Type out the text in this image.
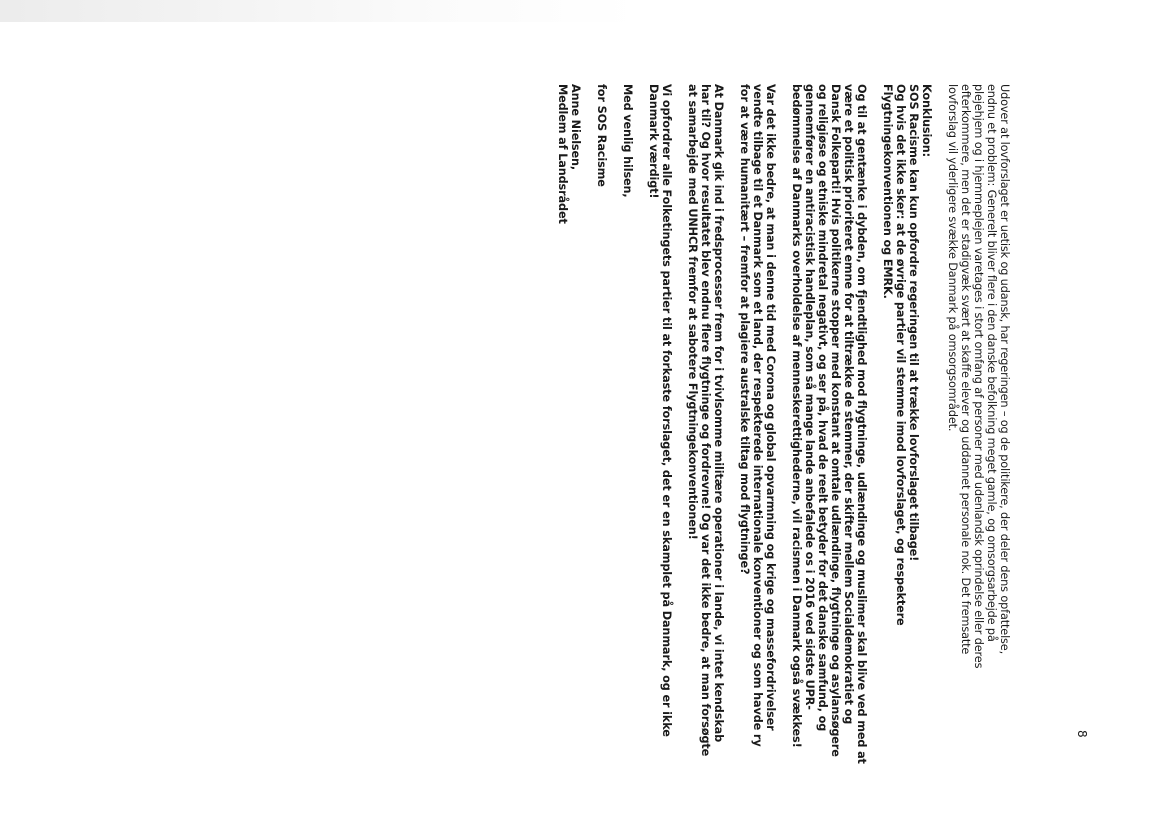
8

Udover at lovforslaget er uetisk og udansk, har regeringen – og de politikere, der deler dens opfattelse,
endnu et problem: Generelt bliver flere i den danske befolkning meget gamle, og omsorgsarbejde på
plejehjem og i hjemmeplejen varetages i stort omfang af personer med udenlandsk oprindelse eller deres
efterkommere, men det er stadigvæk svært at skaffe elever og uddannet personale nok. Det fremsatte
lovforslag vil yderligere svække Danmark på omsorgsområdet.

Konklusion:
SOS Racisme kan kun opfordre regeringen til at trække lovforslaget tilbage!
Og hvis det ikke sker: at de øvrige partier vil stemme imod lovforslaget, og respektere
Flygtningekonventionen og EMRK.

Og til at gentænke i dybden, om fjendtlighed mod flygtninge, udlændinge og muslimer skal blive ved med at
være et politisk prioriteret emne for at tiltrække de stemmer, der skifter mellem Socialdemokratiet og
Dansk Folkeparti! Hvis politikerne stopper med konstant at omtale udlændinge, flygtninge og asylansøgere
og religiøse og etniske mindretal negativt, og ser på, hvad de reelt betyder for det danske samfund, og
gennemfører en antiracistisk handleplan, som så mange lande anbefalede os i 2016 ved sidste UPR-
bedømmelse af Danmarks overholdelse af menneskerettighederne, vil racismen i Danmark også svækkes!

Var det ikke bedre, at man i denne tid med Corona og global opvarmning og krige og massefordrivelser
vendte tilbage til et Danmark som et land, der respekterede internationale konventioner og som havde ry
for at være humanitært – fremfor at plagiere australske tiltag mod flygtninge?

At Danmark gik ind i fredsprocesser frem for i tvivlsomme militære operationer i lande, vi intet kendskab
har til? Og hvor resultatet blev endnu flere flygtninge og fordrevne! Og var det ikke bedre, at man forsøgte
at samarbejde med UNHCR fremfor at sabotere Flygtningekonventionen!

Vi opfordrer alle Folketingets partier til at forkaste forslaget, det er en skamplet på Danmark, og er ikke
Danmark værdigt!

Med venlig hilsen,

for SOS Racisme

Anne Nielsen,
Medlem af Landsrådet
